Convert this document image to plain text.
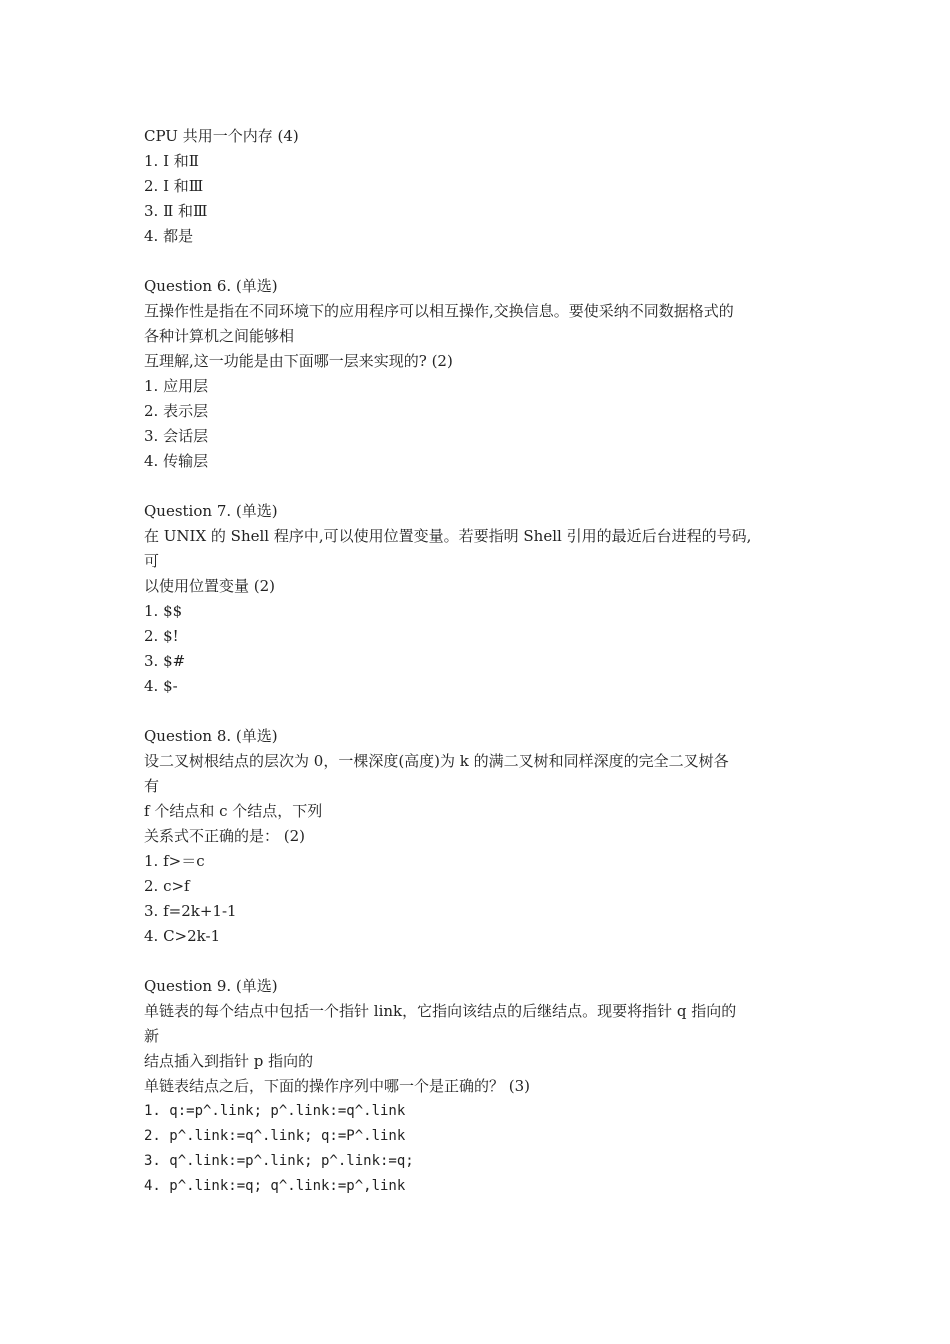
CPU 共用一个内存 (4)
1. Ⅰ 和Ⅱ
2. Ⅰ 和Ⅲ
3. Ⅱ 和Ⅲ
4. 都是
Question 6. (单选)
互操作性是指在不同环境下的应用程序可以相互操作,交换信息。要使采纳不同数据格式的
各种计算机之间能够相
互理解,这一功能是由下面哪一层来实现的? (2)
1. 应用层
2. 表示层
3. 会话层
4. 传输层
Question 7. (单选)
在 UNIX 的 Shell 程序中,可以使用位置变量。若要指明 Shell 引用的最近后台进程的号码,
可
以使用位置变量 (2)
1. $$
2. $!
3. $#
4. $-
Question 8. (单选)
设二叉树根结点的层次为 0，一棵深度(高度)为 k 的满二叉树和同样深度的完全二叉树各
有
f 个结点和 c 个结点，下列
关系式不正确的是： (2)
1. f>＝c
2. c>f
3. f=2k+1-1
4. C>2k-1
Question 9. (单选)
单链表的每个结点中包括一个指针 link，它指向该结点的后继结点。现要将指针 q 指向的
新
结点插入到指针 p 指向的
单链表结点之后，下面的操作序列中哪一个是正确的？ (3)
1. q:=p^.link; p^.link:=q^.link
2. p^.link:=q^.link; q:=P^.link
3. q^.link:=p^.link; p^.link:=q;
4. p^.link:=q; q^.link:=p^,link
